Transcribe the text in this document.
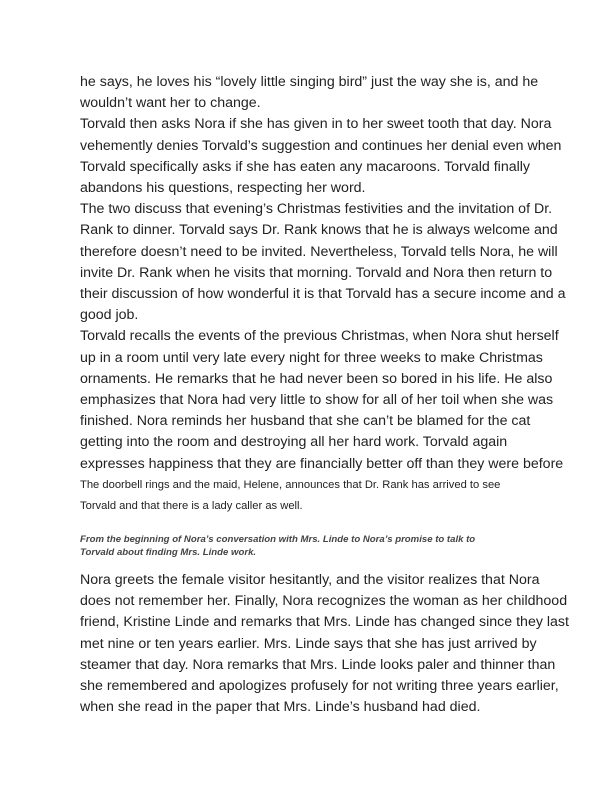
he says, he loves his “lovely little singing bird” just the way she is, and he
wouldn’t want her to change.
Torvald then asks Nora if she has given in to her sweet tooth that day. Nora
vehemently denies Torvald’s suggestion and continues her denial even when
Torvald specifically asks if she has eaten any macaroons. Torvald finally
abandons his questions, respecting her word.
The two discuss that evening’s Christmas festivities and the invitation of Dr.
Rank to dinner. Torvald says Dr. Rank knows that he is always welcome and
therefore doesn’t need to be invited. Nevertheless, Torvald tells Nora, he will
invite Dr. Rank when he visits that morning. Torvald and Nora then return to
their discussion of how wonderful it is that Torvald has a secure income and a
good job.
Torvald recalls the events of the previous Christmas, when Nora shut herself
up in a room until very late every night for three weeks to make Christmas
ornaments. He remarks that he had never been so bored in his life. He also
emphasizes that Nora had very little to show for all of her toil when she was
finished. Nora reminds her husband that she can’t be blamed for the cat
getting into the room and destroying all her hard work. Torvald again
expresses happiness that they are financially better off than they were before
The doorbell rings and the maid, Helene, announces that Dr. Rank has arrived to see
Torvald and that there is a lady caller as well.
From the beginning of Nora’s conversation with Mrs. Linde to Nora’s promise to talk to
Torvald about finding Mrs. Linde work.
Nora greets the female visitor hesitantly, and the visitor realizes that Nora
does not remember her. Finally, Nora recognizes the woman as her childhood
friend, Kristine Linde and remarks that Mrs. Linde has changed since they last
met nine or ten years earlier. Mrs. Linde says that she has just arrived by
steamer that day. Nora remarks that Mrs. Linde looks paler and thinner than
she remembered and apologizes profusely for not writing three years earlier,
when she read in the paper that Mrs. Linde’s husband had died.
